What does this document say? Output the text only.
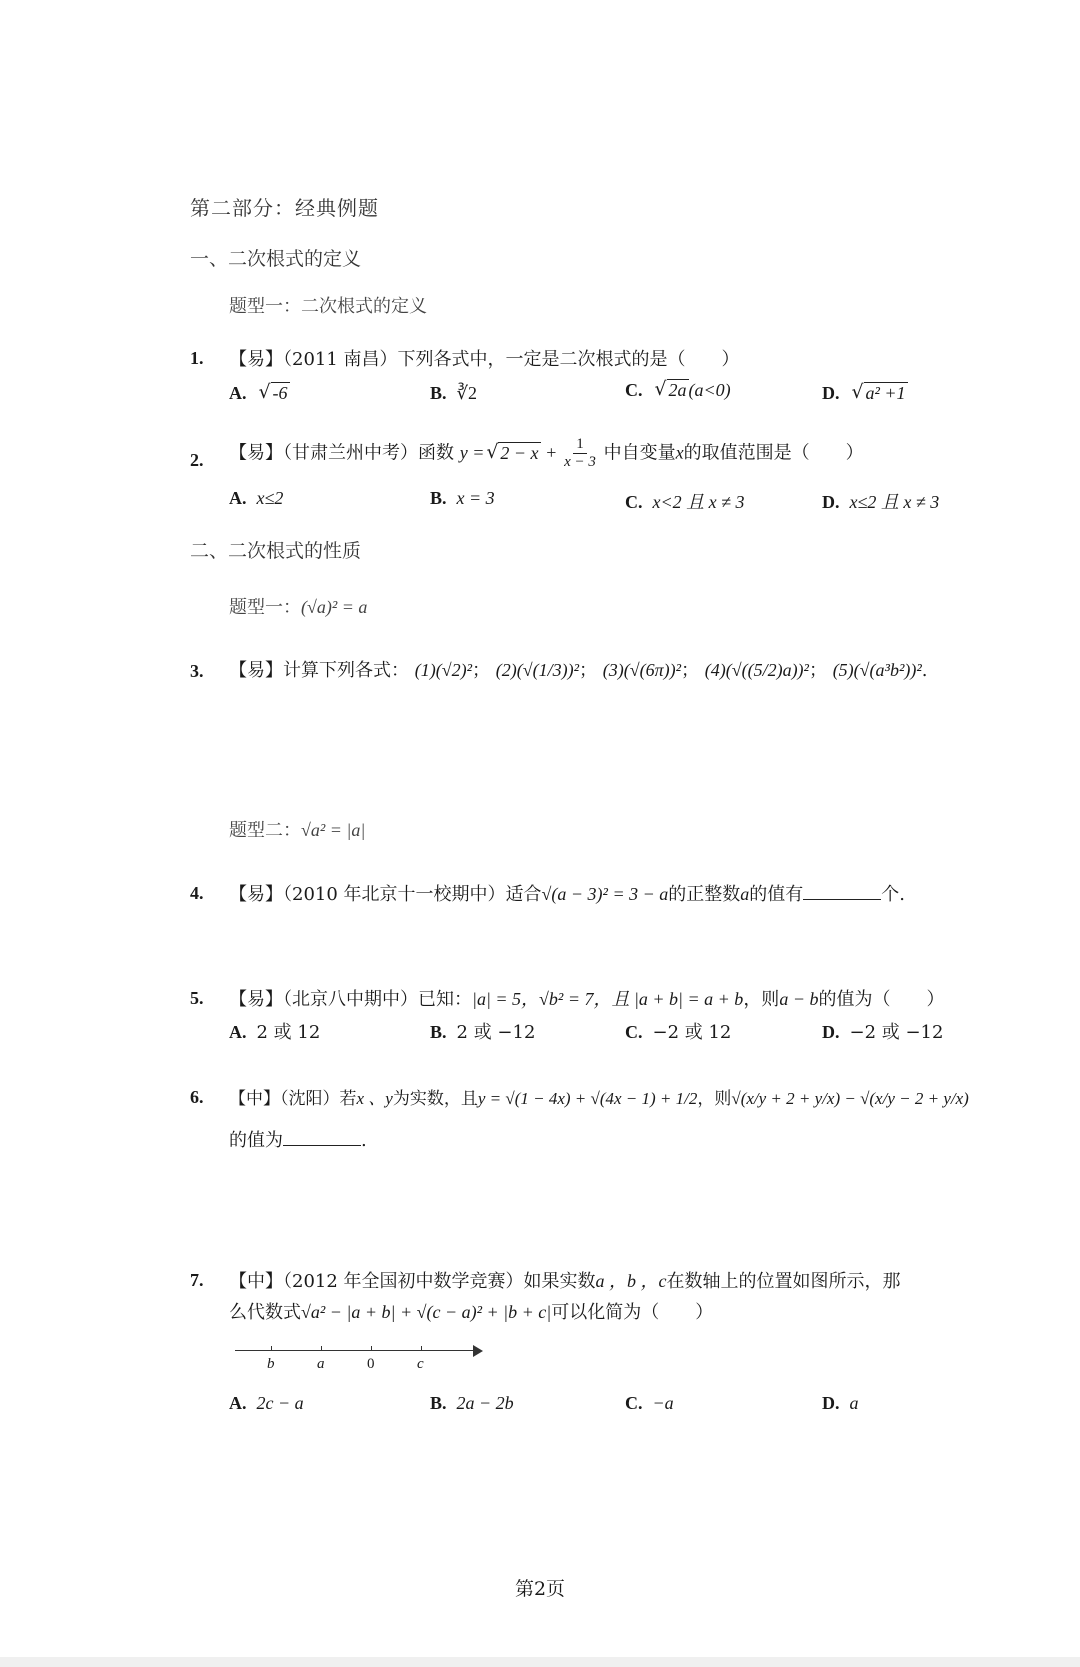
第二部分：经典例题
一、二次根式的定义
题型一：二次根式的定义
1. 【易】（2011 南昌）下列各式中，一定是二次根式的是（　　）
A. √ -6	B. ∛2	C. √ 2a (a<0)	D. √ a² +1
2. 【易】（甘肃兰州中考）函数 y = √ $2 - x + \frac{1}{x - 3}$ 中自变量x的取值范围是（　　）
A. x≤2	B. x = 3	C. x<2 且 x ≠ 3	D. x≤2 且 x ≠ 3
二、二次根式的性质
题型一：(√a)² = a
3. 【易】计算下列各式： (1)(√2)²； (2)(√(1/3))²； (3)(√(6π))²； (4)(√((5/2)a))²； (5)(√(a³b²))².
题型二：√a² = |a|
4. 【易】（2010 年北京十一校期中）适合√(a − 3)² = 3 − a的正整数a的值有	个.
5. 【易】（北京八中期中）已知：|a| = 5，√b² = 7，且 |a + b| = a + b，则a − b的值为（　　）
A. 2 或 12	B. 2 或 −12	C. −2 或 12	D. −2 或 −12
6. 【中】（沈阳）若x 、y为实数，且y = √(1 − 4x) + √(4x − 1) + 1/2，则√(x/y + 2 + y/x) − √(x/y − 2 + y/x)
的值为	.
7. 【中】（2012 年全国初中数学竞赛）如果实数a ，b ，c在数轴上的位置如图所示，那
么代数式√a² − |a + b| + √(c − a)² + |b + c|可以化简为（　　）
b	a	0	c
A. 2c − a	B. 2a − 2b	C. −a	D. a
第2页
